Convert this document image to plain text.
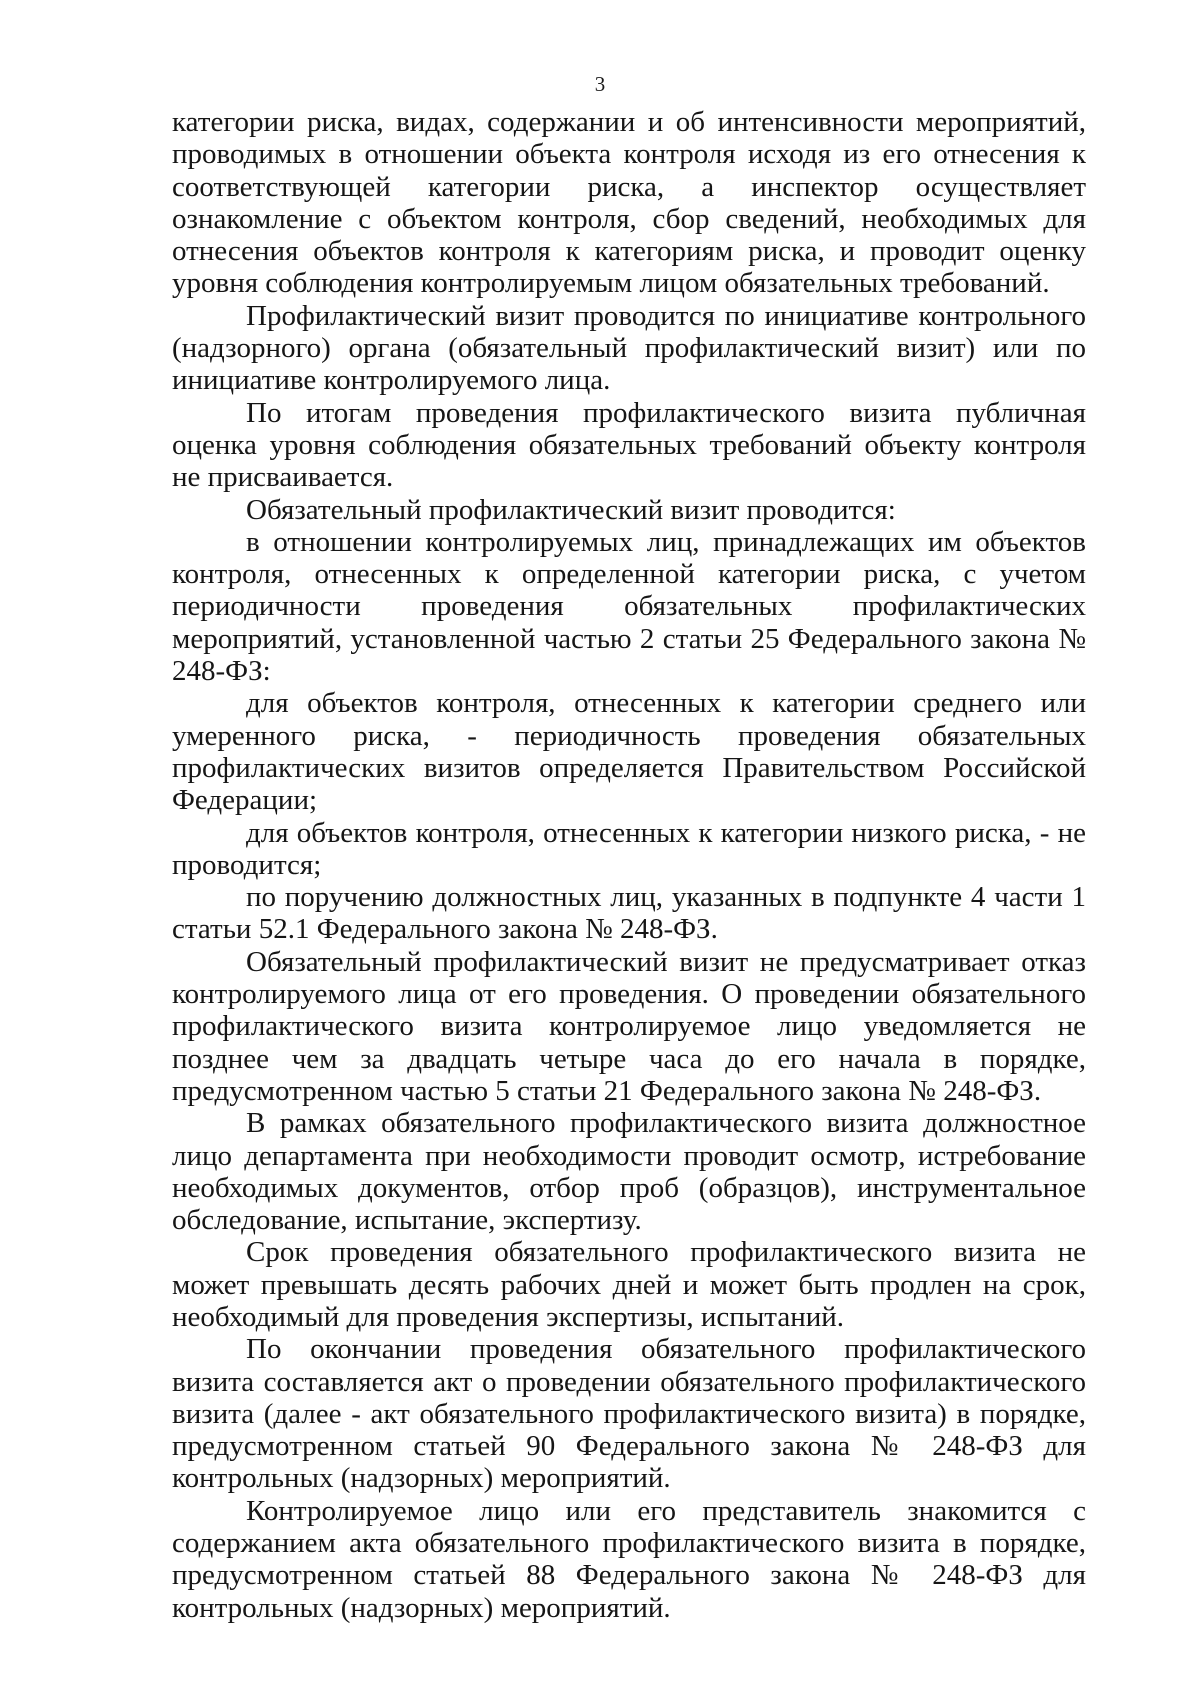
3

категории риска, видах, содержании и об интенсивности мероприятий, проводимых в отношении объекта контроля исходя из его отнесения к соответствующей категории риска, а инспектор осуществляет ознакомление с объектом контроля, сбор сведений, необходимых для отнесения объектов контроля к категориям риска, и проводит оценку уровня соблюдения контролируемым лицом обязательных требований.

Профилактический визит проводится по инициативе контрольного (надзорного) органа (обязательный профилактический визит) или по инициативе контролируемого лица.

По итогам проведения профилактического визита публичная оценка уровня соблюдения обязательных требований объекту контроля не присваивается.

Обязательный профилактический визит проводится:

в отношении контролируемых лиц, принадлежащих им объектов контроля, отнесенных к определенной категории риска, с учетом периодичности проведения обязательных профилактических мероприятий, установленной частью 2 статьи 25 Федерального закона № 248-ФЗ:

для объектов контроля, отнесенных к категории среднего или умеренного риска, - периодичность проведения обязательных профилактических визитов определяется Правительством Российской Федерации;

для объектов контроля, отнесенных к категории низкого риска, - не проводится;

по поручению должностных лиц, указанных в подпункте 4 части 1 статьи 52.1 Федерального закона № 248-ФЗ.

Обязательный профилактический визит не предусматривает отказ контролируемого лица от его проведения. О проведении обязательного профилактического визита контролируемое лицо уведомляется не позднее чем за двадцать четыре часа до его начала в порядке, предусмотренном частью 5 статьи 21 Федерального закона № 248-ФЗ.

В рамках обязательного профилактического визита должностное лицо департамента при необходимости проводит осмотр, истребование необходимых документов, отбор проб (образцов), инструментальное обследование, испытание, экспертизу.

Срок проведения обязательного профилактического визита не может превышать десять рабочих дней и может быть продлен на срок, необходимый для проведения экспертизы, испытаний.

По окончании проведения обязательного профилактического визита составляется акт о проведении обязательного профилактического визита (далее - акт обязательного профилактического визита) в порядке, предусмотренном статьей 90 Федерального закона № 248-ФЗ для контрольных (надзорных) мероприятий.

Контролируемое лицо или его представитель знакомится с содержанием акта обязательного профилактического визита в порядке, предусмотренном статьей 88 Федерального закона № 248-ФЗ для контрольных (надзорных) мероприятий.
